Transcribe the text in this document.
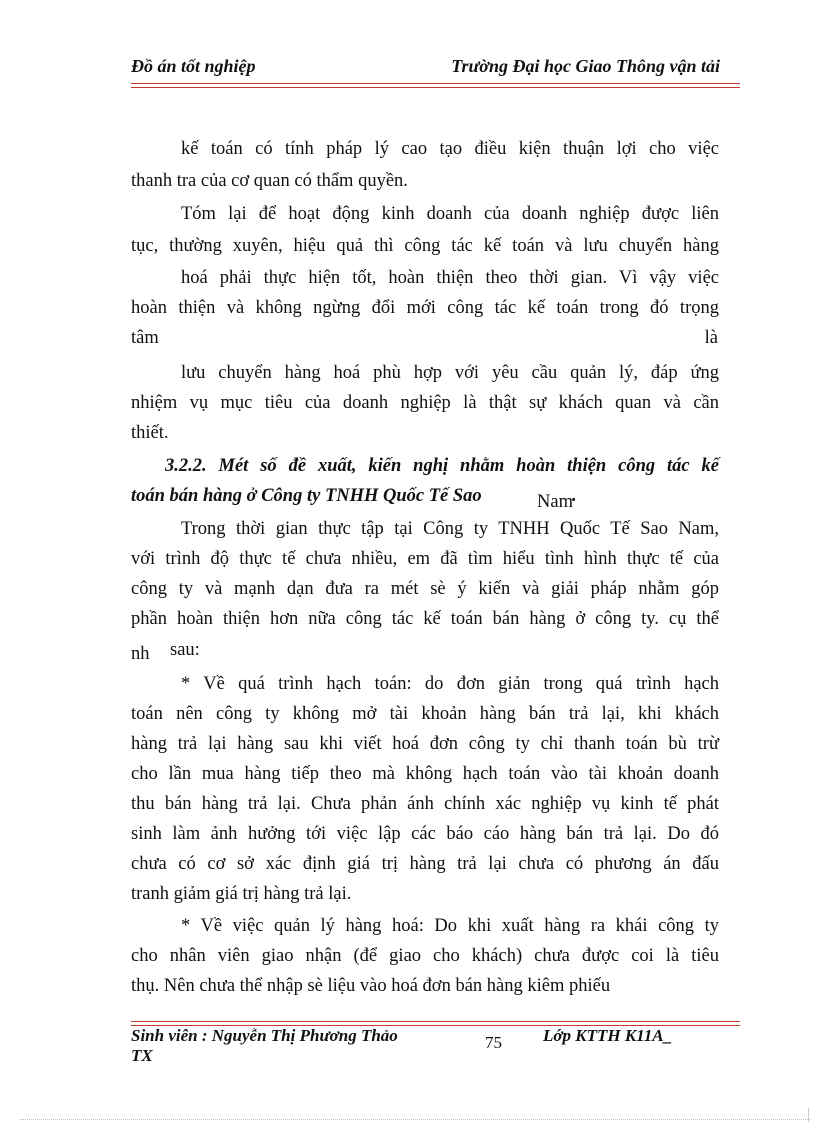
Đồ án tốt nghiệp	Trường Đại học Giao Thông vận tải
kế toán có tính pháp lý cao tạo điều kiện thuận lợi cho việc
thanh tra của cơ quan có thẩm quyền.
Tóm lại để hoạt động kinh doanh của doanh nghiệp được liên
tục, thường xuyên, hiệu quả thì công tác kế toán và lưu chuyển hàng
hoá phải thực hiện tốt, hoàn thiện theo thời gian. Vì vậy việc
hoàn thiện và không ngừng đổi mới công tác kế toán trong đó trọng
tâm	là
lưu chuyển hàng hoá phù hợp với yêu cầu quản lý, đáp ứng
nhiệm vụ mục tiêu của doanh nghiệp là thật sự khách quan và cần
thiết.
3.2.2. Mét số đề xuất, kiến nghị nhằm hoàn thiện công tác kế
toán bán hàng ở Công ty TNHH Quốc Tế Sao	Nam .
Trong thời gian thực tập tại Công ty TNHH Quốc Tế Sao Nam,
với trình độ thực tế chưa nhiều, em đã tìm hiểu tình hình thực tế của
công ty và mạnh dạn đưa ra mét sè ý kiến và giải pháp nhằm góp
phần hoàn thiện hơn nữa công tác kế toán bán hàng ở công ty. cụ thể
nh sau:
* Về quá trình hạch toán: do đơn giản trong quá trình hạch
toán nên công ty không mở tài khoản hàng bán trả lại, khi khách
hàng trả lại hàng sau khi viết hoá đơn công ty chỉ thanh toán bù trừ
cho lần mua hàng tiếp theo mà không hạch toán vào tài khoản doanh
thu bán hàng trả lại. Chưa phản ánh chính xác nghiệp vụ kinh tế phát
sinh làm ảnh hưởng tới việc lập các báo cáo hàng bán trả lại. Do đó
chưa có cơ sở xác định giá trị hàng trả lại chưa có phương án đấu
tranh giảm giá trị hàng trả lại.
* Về việc quản lý hàng hoá: Do khi xuất hàng ra khái công ty
cho nhân viên giao nhận (để giao cho khách) chưa được coi là tiêu
thụ. Nên chưa thể nhập sè liệu vào hoá đơn bán hàng kiêm phiếu
Sinh viên : Nguyễn Thị Phương Thảo
TX
75 Lớp KTTH K11A_
